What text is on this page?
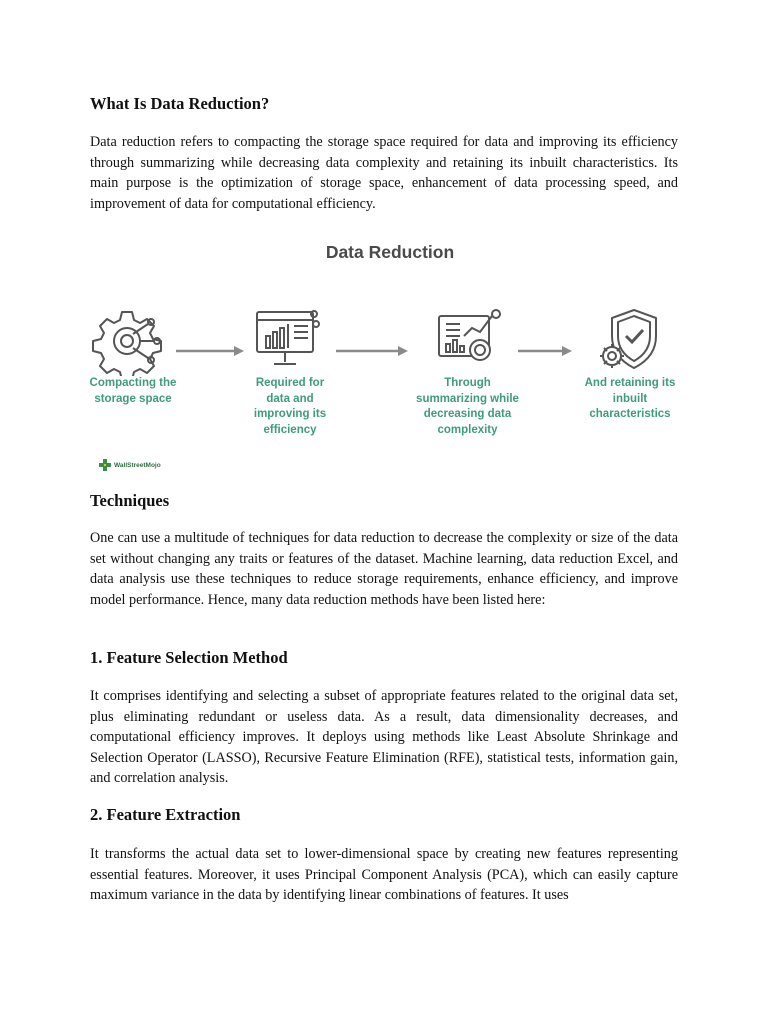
What Is Data Reduction?

Data reduction refers to compacting the storage space required for data and improving its efficiency through summarizing while decreasing data complexity and retaining its inbuilt characteristics. Its main purpose is the optimization of storage space, enhancement of data processing speed, and improvement of data for computational efficiency.

Data Reduction
Compacting the storage space
Required for data and improving its efficiency
Through summarizing while decreasing data complexity
And retaining its inbuilt characteristics
WallStreetMojo
Techniques

One can use a multitude of techniques for data reduction to decrease the complexity or size of the data set without changing any traits or features of the dataset. Machine learning, data reduction Excel, and data analysis use these techniques to reduce storage requirements, enhance efficiency, and improve model performance. Hence, many data reduction methods have been listed here:

1. Feature Selection Method

It comprises identifying and selecting a subset of appropriate features related to the original data set, plus eliminating redundant or useless data. As a result, data dimensionality decreases, and computational efficiency improves. It deploys using methods like Least Absolute Shrinkage and Selection Operator (LASSO), Recursive Feature Elimination (RFE), statistical tests, information gain, and correlation analysis.

2. Feature Extraction

It transforms the actual data set to lower-dimensional space by creating new features representing essential features. Moreover, it uses Principal Component Analysis (PCA), which can easily capture maximum variance in the data by identifying linear combinations of features. It uses
